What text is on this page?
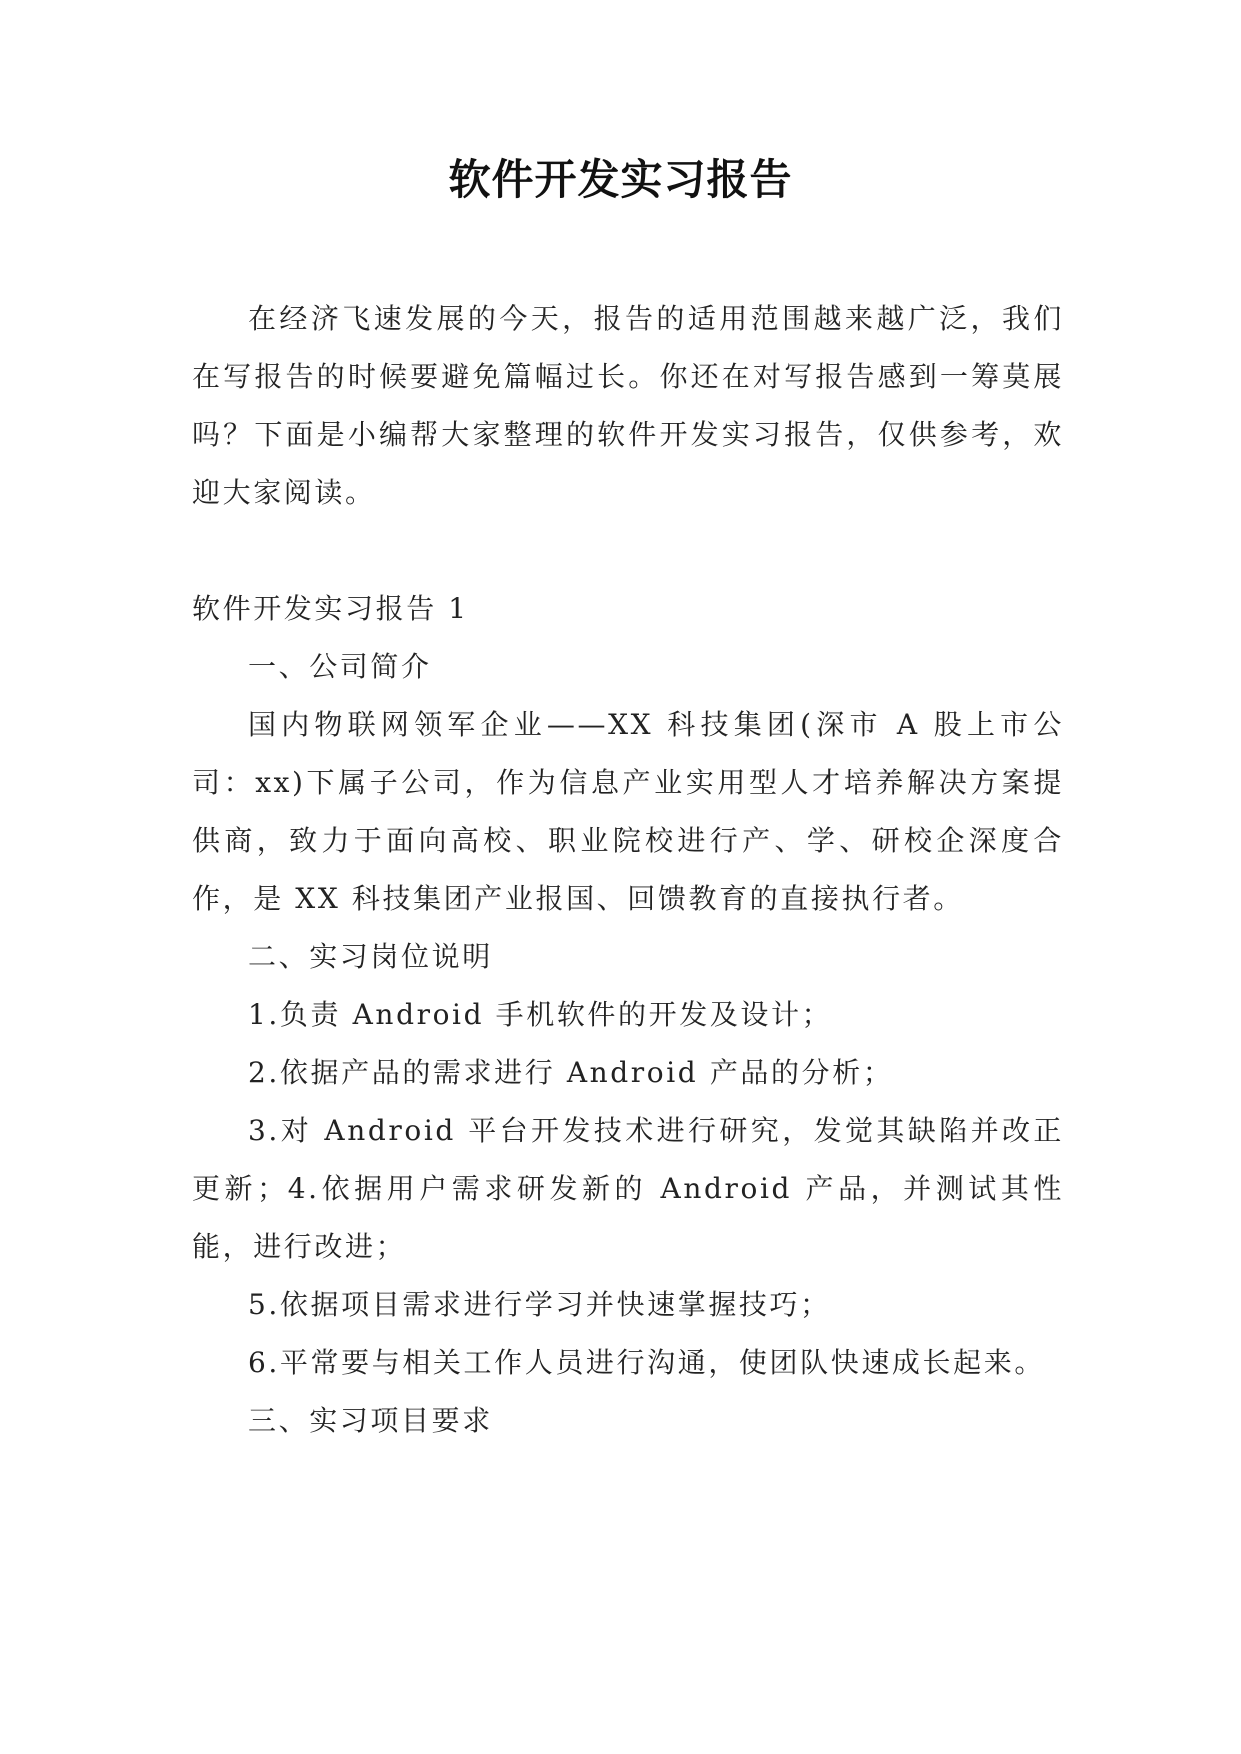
软件开发实习报告

在经济飞速发展的今天，报告的适用范围越来越广泛，我们在写报告的时候要避免篇幅过长。你还在对写报告感到一筹莫展吗？下面是小编帮大家整理的软件开发实习报告，仅供参考，欢迎大家阅读。

软件开发实习报告 1

一、公司简介

国内物联网领军企业——XX 科技集团(深市 A 股上市公司：xx)下属子公司，作为信息产业实用型人才培养解决方案提供商，致力于面向高校、职业院校进行产、学、研校企深度合作，是 XX 科技集团产业报国、回馈教育的直接执行者。

二、实习岗位说明

1.负责 Android 手机软件的开发及设计；

2.依据产品的需求进行 Android 产品的分析；

3.对 Android 平台开发技术进行研究，发觉其缺陷并改正更新；4.依据用户需求研发新的 Android 产品，并测试其性能，进行改进；

5.依据项目需求进行学习并快速掌握技巧；

6.平常要与相关工作人员进行沟通，使团队快速成长起来。

三、实习项目要求
